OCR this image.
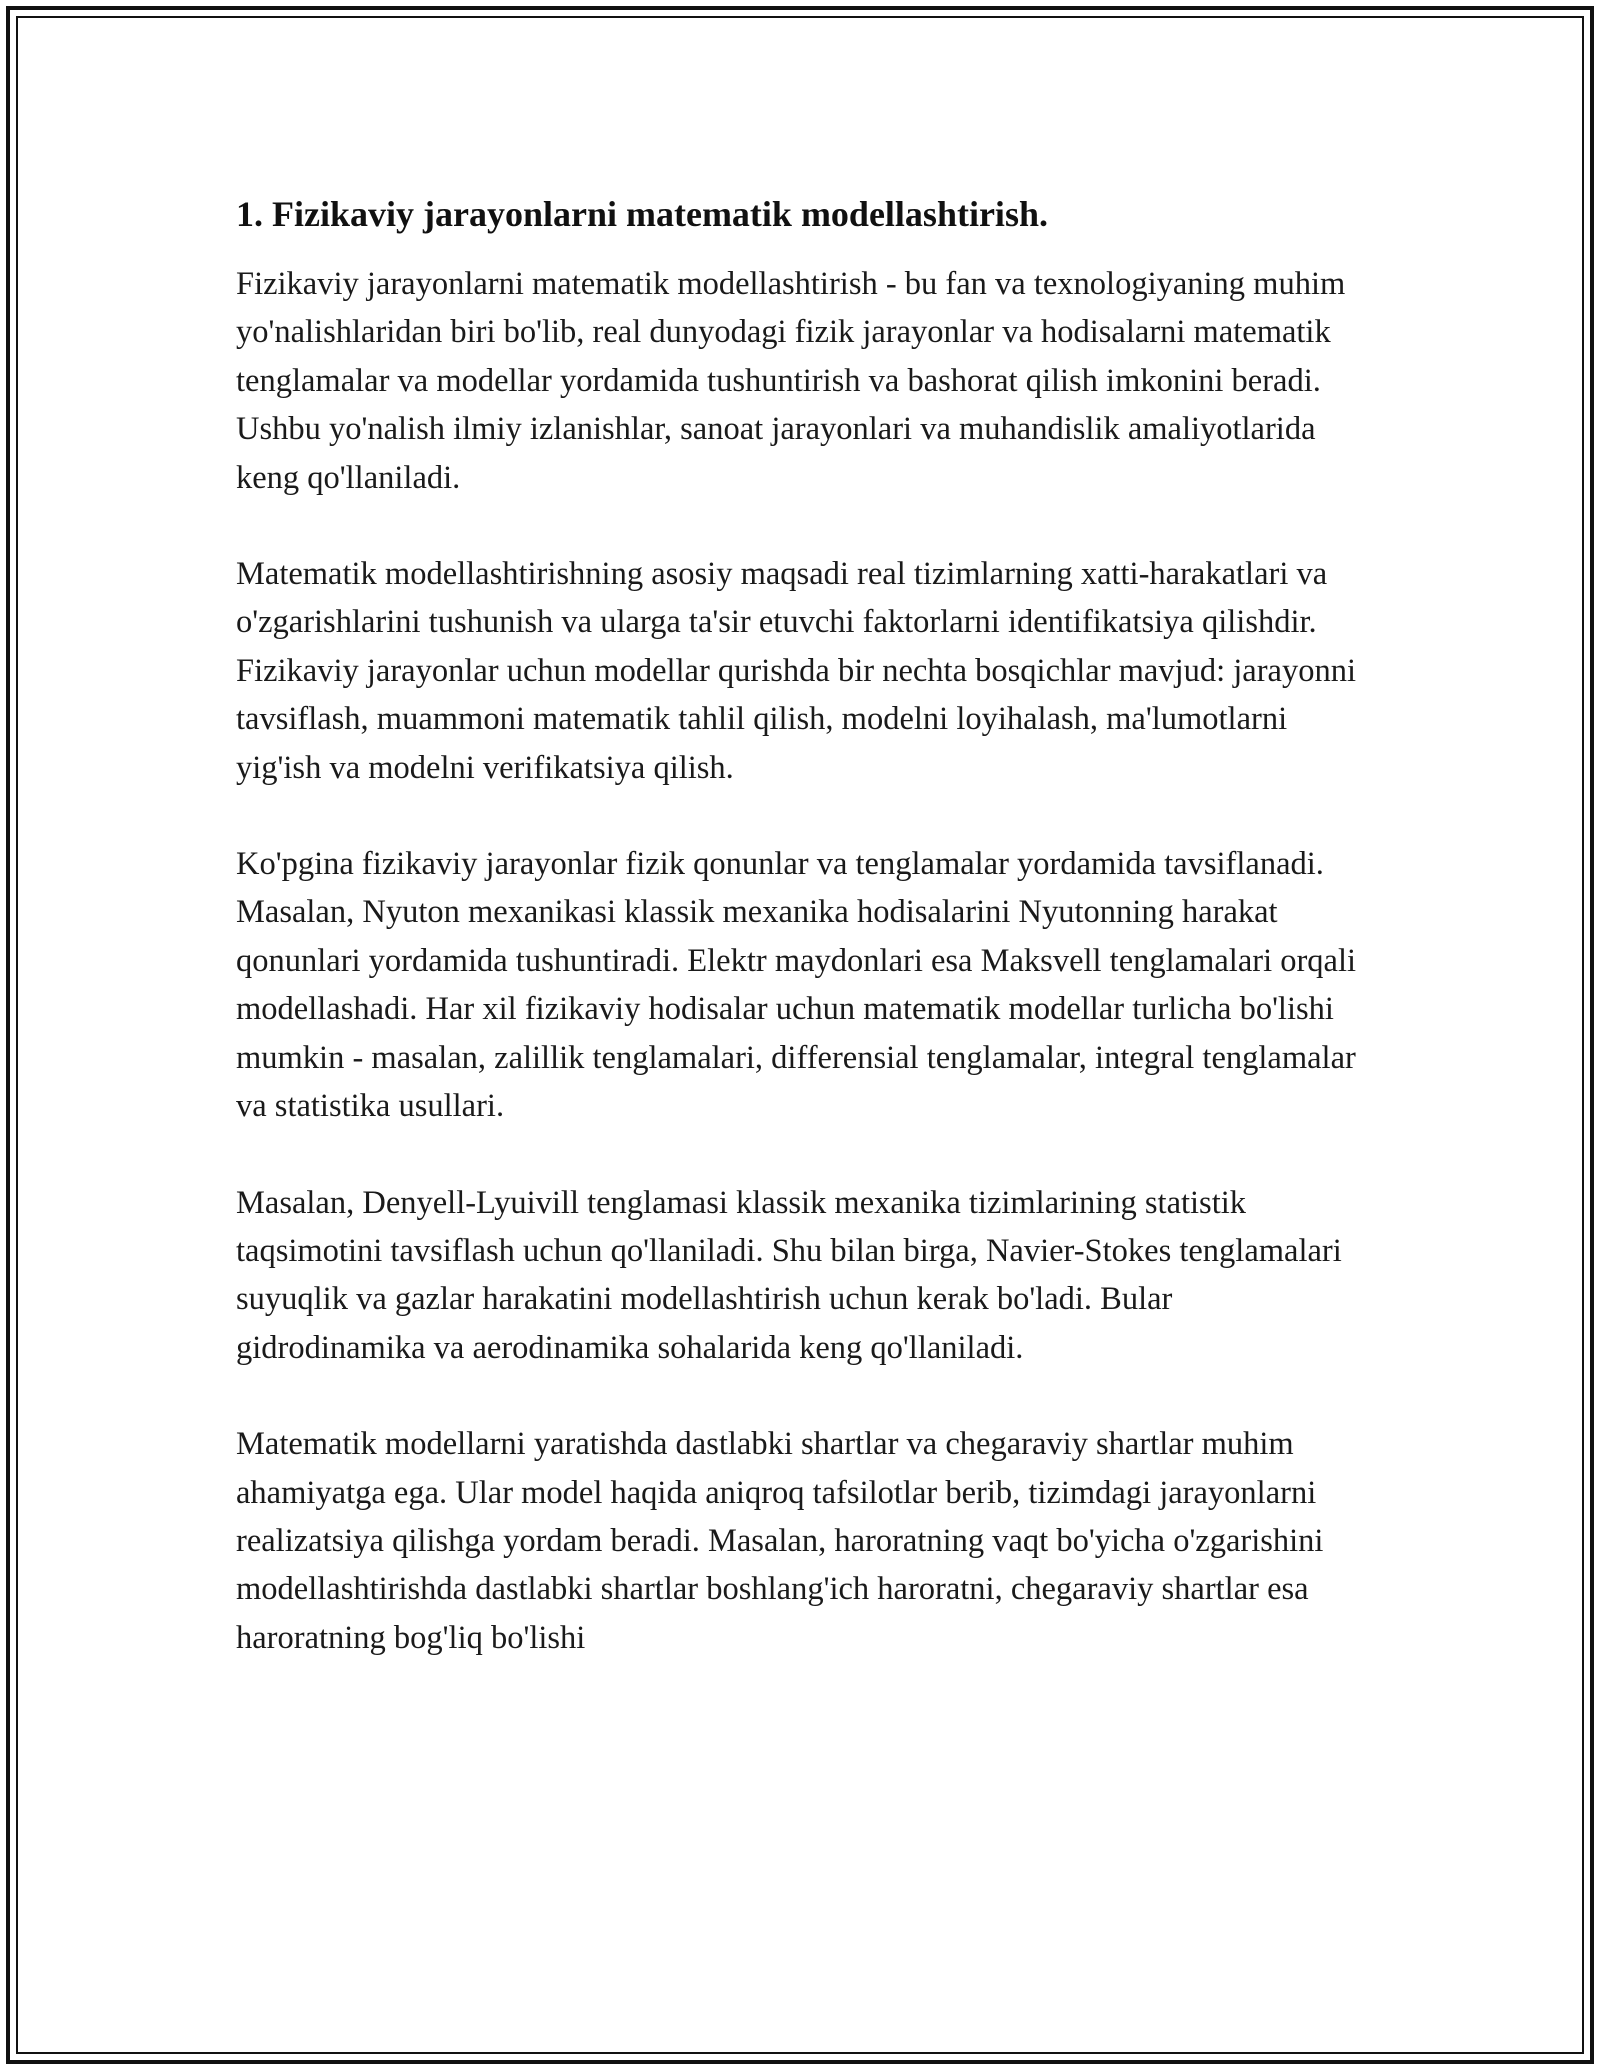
1. Fizikaviy jarayonlarni matematik modellashtirish.

Fizikaviy jarayonlarni matematik modellashtirish - bu fan va texnologiyaning muhim yo'nalishlaridan biri bo'lib, real dunyodagi fizik jarayonlar va hodisalarni matematik tenglamalar va modellar yordamida tushuntirish va bashorat qilish imkonini beradi. Ushbu yo'nalish ilmiy izlanishlar, sanoat jarayonlari va muhandislik amaliyotlarida keng qo'llaniladi.

Matematik modellashtirishning asosiy maqsadi real tizimlarning xatti-harakatlari va o'zgarishlarini tushunish va ularga ta'sir etuvchi faktorlarni identifikatsiya qilishdir. Fizikaviy jarayonlar uchun modellar qurishda bir nechta bosqichlar mavjud: jarayonni tavsiflash, muammoni matematik tahlil qilish, modelni loyihalash, ma'lumotlarni yig'ish va modelni verifikatsiya qilish.

Ko'pgina fizikaviy jarayonlar fizik qonunlar va tenglamalar yordamida tavsiflanadi. Masalan, Nyuton mexanikasi klassik mexanika hodisalarini Nyutonning harakat qonunlari yordamida tushuntiradi. Elektr maydonlari esa Maksvell tenglamalari orqali modellashadi. Har xil fizikaviy hodisalar uchun matematik modellar turlicha bo'lishi mumkin - masalan, zalillik tenglamalari, differensial tenglamalar, integral tenglamalar va statistika usullari.

Masalan, Denyell-Lyuivill tenglamasi klassik mexanika tizimlarining statistik taqsimotini tavsiflash uchun qo'llaniladi. Shu bilan birga, Navier-Stokes tenglamalari suyuqlik va gazlar harakatini modellashtirish uchun kerak bo'ladi. Bular gidrodinamika va aerodinamika sohalarida keng qo'llaniladi.

Matematik modellarni yaratishda dastlabki shartlar va chegaraviy shartlar muhim ahamiyatga ega. Ular model haqida aniqroq tafsilotlar berib, tizimdagi jarayonlarni realizatsiya qilishga yordam beradi. Masalan, haroratning vaqt bo'yicha o'zgarishini modellashtirishda dastlabki shartlar boshlang'ich haroratni, chegaraviy shartlar esa haroratning bog'liq bo'lishi
